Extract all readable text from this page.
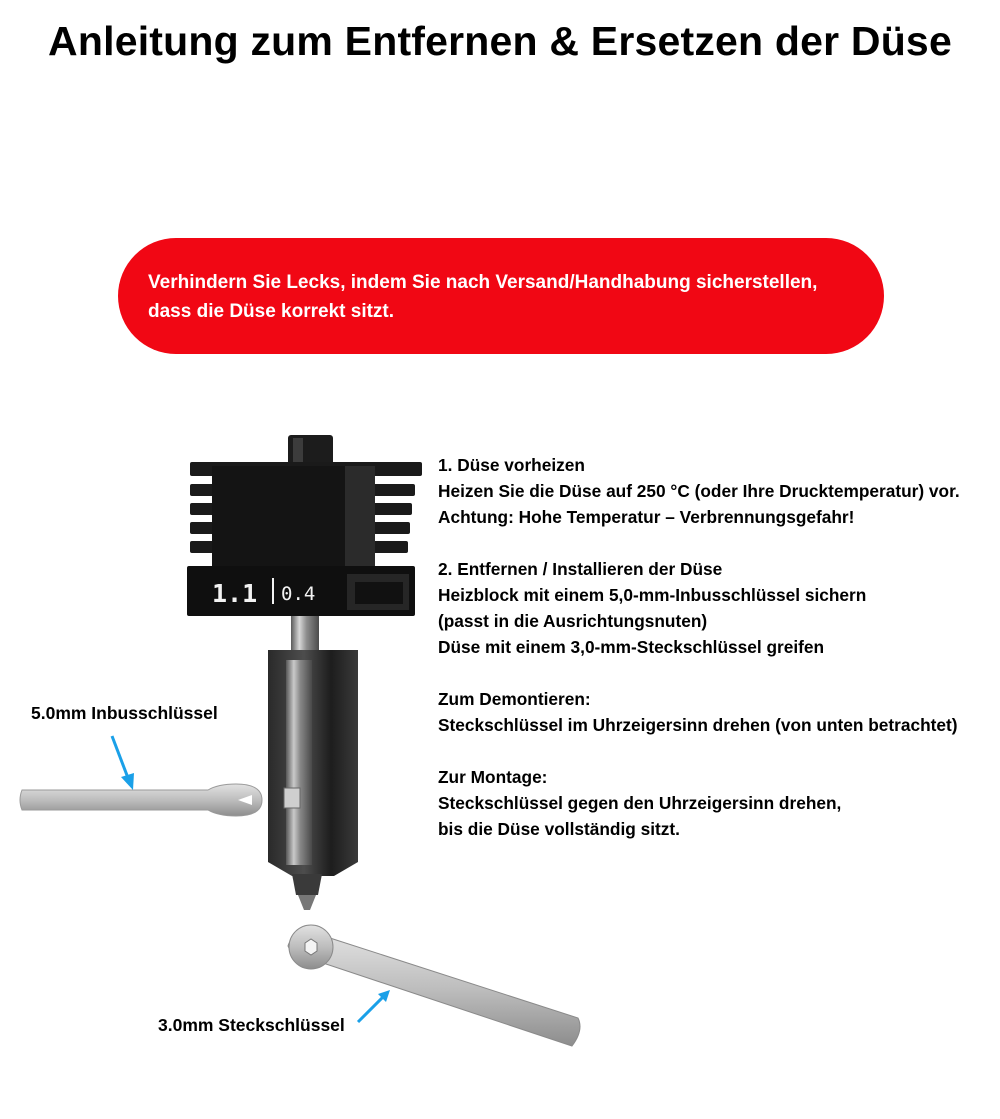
Anleitung zum Entfernen & Ersetzen der Düse
Verhindern Sie Lecks, indem Sie nach Versand/Handhabung sicherstellen,
dass die Düse korrekt sitzt.
1.1 0.4
1. Düse vorheizen
Heizen Sie die Düse auf 250 °C (oder Ihre Drucktemperatur) vor.
Achtung: Hohe Temperatur – Verbrennungsgefahr!
2. Entfernen / Installieren der Düse
Heizblock mit einem 5,0-mm-Inbusschlüssel sichern
(passt in die Ausrichtungsnuten)
Düse mit einem 3,0-mm-Steckschlüssel greifen
Zum Demontieren:
Steckschlüssel im Uhrzeigersinn drehen (von unten betrachtet)
Zur Montage:
Steckschlüssel gegen den Uhrzeigersinn drehen,
bis die Düse vollständig sitzt.
5.0mm Inbusschlüssel
3.0mm Steckschlüssel
